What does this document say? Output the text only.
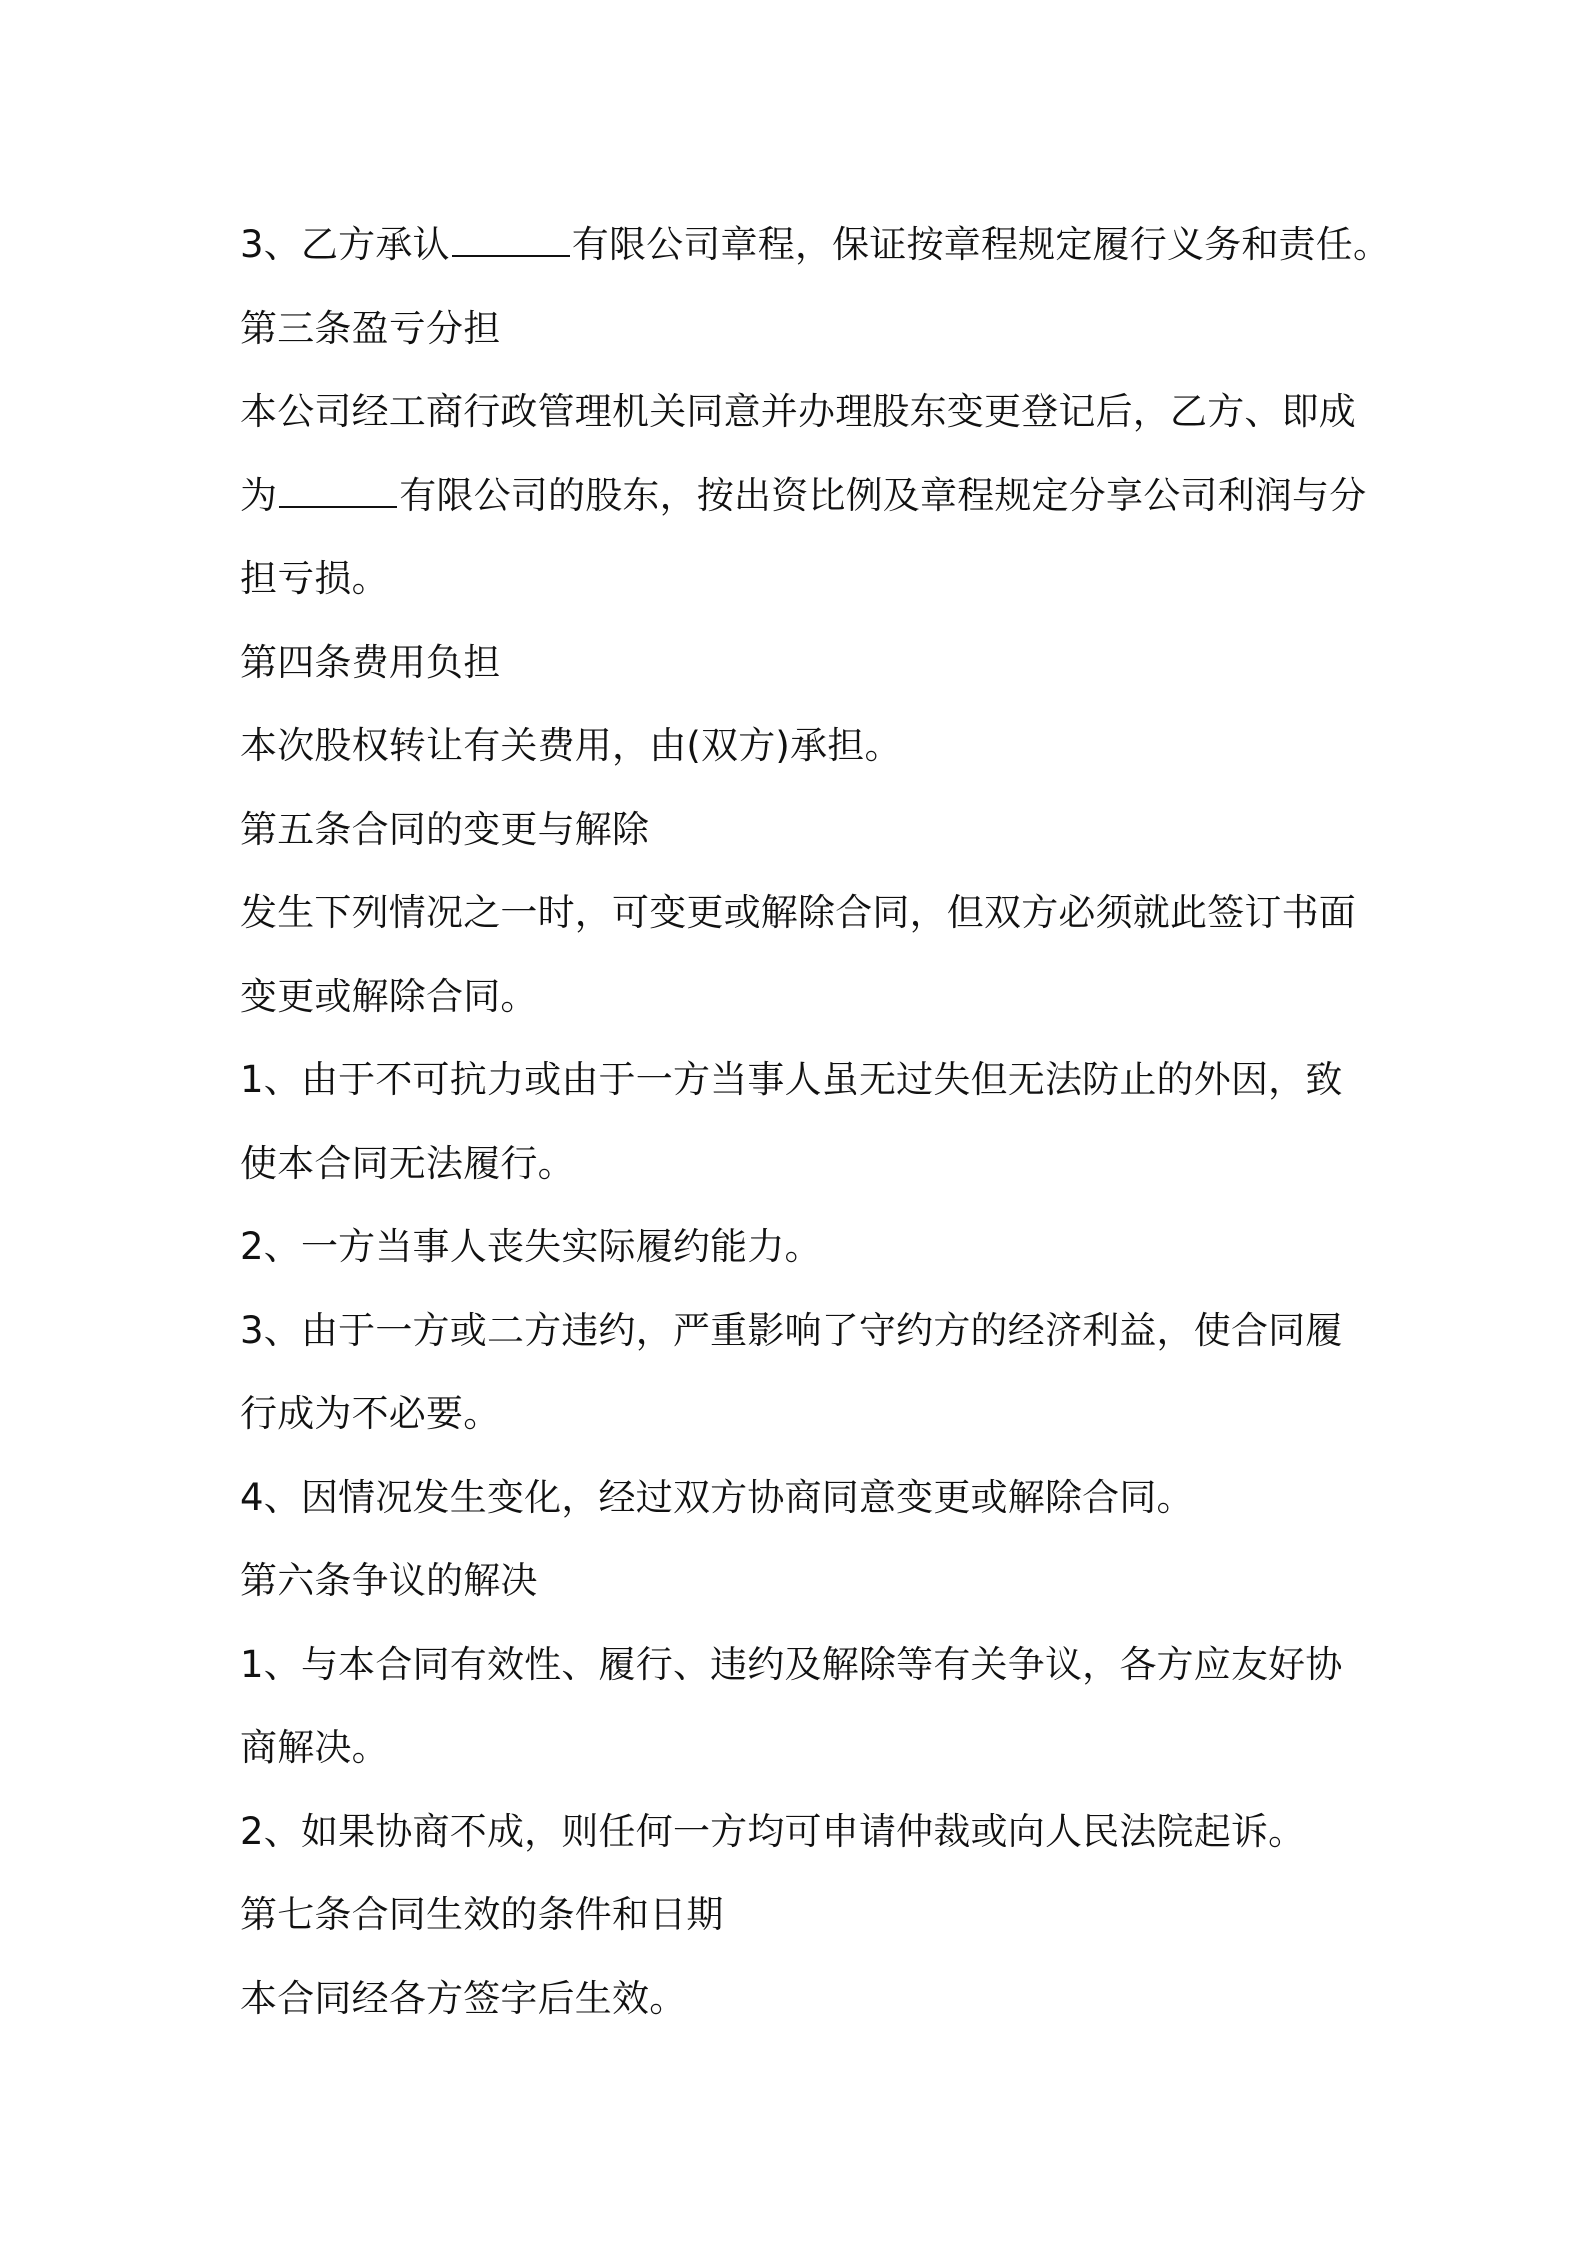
3、乙方承认	有限公司章程，保证按章程规定履行义务和责任。
第三条盈亏分担
本公司经工商行政管理机关同意并办理股东变更登记后，乙方、即成
为	有限公司的股东，按出资比例及章程规定分享公司利润与分
担亏损。
第四条费用负担
本次股权转让有关费用，由(双方)承担。
第五条合同的变更与解除
发生下列情况之一时，可变更或解除合同，但双方必须就此签订书面
变更或解除合同。
1、由于不可抗力或由于一方当事人虽无过失但无法防止的外因，致
使本合同无法履行。
2、一方当事人丧失实际履约能力。
3、由于一方或二方违约，严重影响了守约方的经济利益，使合同履
行成为不必要。
4、因情况发生变化，经过双方协商同意变更或解除合同。
第六条争议的解决
1、与本合同有效性、履行、违约及解除等有关争议，各方应友好协
商解决。
2、如果协商不成，则任何一方均可申请仲裁或向人民法院起诉。
第七条合同生效的条件和日期
本合同经各方签字后生效。
